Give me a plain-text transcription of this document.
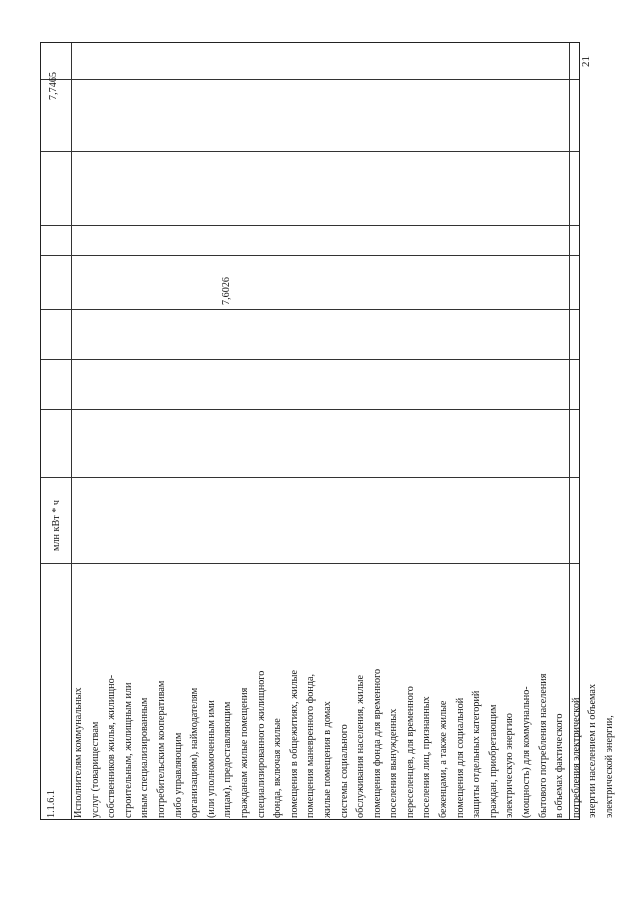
21
1.1.6.1	Исполнителям коммунальных услуг (товариществам собственников жилья, жилищно- строительным, жилищным или иным специализированным потребительским кооперативам либо управляющим организациям), наймодателям (или уполномоченным ими лицам), предоставляющим гражданам жилые помещения специализированного жилищного фонда, включая жилые помещения в общежитиях, жилые помещения маневренного фонда, жилые помещения в домах системы социального обслуживания населения, жилые помещения фонда для временного поселения вынужденных переселенцев, для временного поселения лиц, признанных беженцами, а также жилые помещения для социальной защиты отдельных категорий граждан, приобретающим электрическую энергию (мощность) для коммунально- бытового потребления населения в объемах фактического потребления электрической энергии населением и объемах электрической энергии,
млн кВт * ч
7,6026
7,7465
